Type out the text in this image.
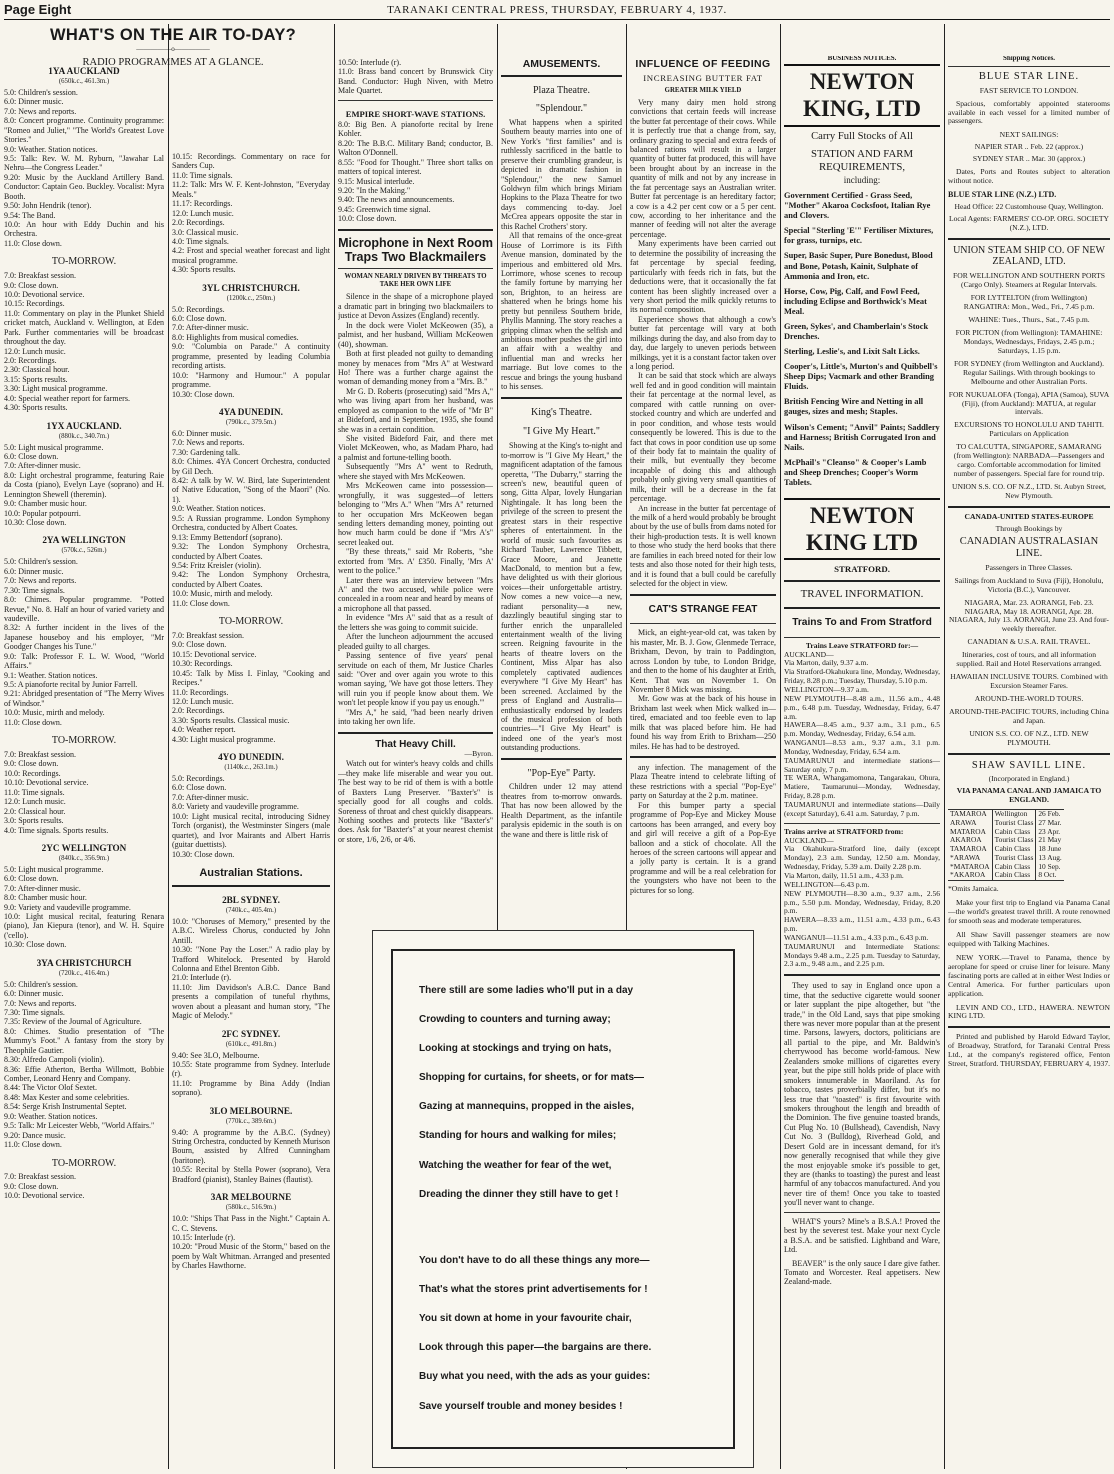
Page Eight	TARANAKI CENTRAL PRESS, THURSDAY, FEBRUARY 4, 1937.
1YA AUCKLAND
(650k.c., 461.3m.)
5.0: Children's session.
6.0: Dinner music.
7.0: News and reports.
8.0: Concert programme. Continuity programme: "Romeo and Juliet," "The World's Greatest Love Stories."
9.0: Weather. Station notices.
9.5: Talk: Rev. W. M. Ryburn, "Jawahar Lal Nehru—the Congress Leader."
9.20: Music by the Auckland Artillery Band. Conductor: Captain Geo. Buckley. Vocalist: Myra Booth.
9.50: John Hendrik (tenor).
9.54: The Band.
10.0: An hour with Eddy Duchin and his Orchestra.
11.0: Close down.
TO-MORROW.
7.0: Breakfast session.
9.0: Close down.
10.0: Devotional service.
10.15: Recordings.
11.0: Commentary on play in the Plunket Shield cricket match, Auckland v. Wellington, at Eden Park. Further commentaries will be broadcast throughout the day.
12.0: Lunch music.
2.0: Recordings.
2.30: Classical hour.
3.15: Sports results.
3.30: Light musical programme.
4.0: Special weather report for farmers.
4.30: Sports results.
1YX AUCKLAND.
(880k.c., 340.7m.)
5.0: Light musical programme.
6.0: Close down.
7.0: After-dinner music.
8.0: Light orchestral programme, featuring Raie da Costa (piano), Evelyn Laye (soprano) and H. Lennington Shewell (theremin).
9.0: Chamber music hour.
10.0: Popular potpourri.
10.30: Close down.
2YA WELLINGTON
(570k.c., 526m.)
5.0: Children's session.
6.0: Dinner music.
7.0: News and reports.
7.30: Time signals.
8.0: Chimes. Popular programme. "Potted Revue," No. 8. Half an hour of varied variety and vaudeville.
8.32: A further incident in the lives of the Japanese houseboy and his employer, "Mr Goodger Changes his Tune."
9.0: Talk: Professor F. L. W. Wood, "World Affairs."
9.1: Weather. Station notices.
9.5: A pianoforte recital by Junior Farrell.
9.21: Abridged presentation of "The Merry Wives of Windsor."
10.0: Music, mirth and melody.
11.0: Close down.
TO-MORROW.
7.0: Breakfast session.
9.0: Close down.
10.0: Recordings.
10.10: Devotional service.
11.0: Time signals.
12.0: Lunch music.
2.0: Classical hour.
3.0: Sports results.
4.0: Time signals. Sports results.
2YC WELLINGTON
(840k.c., 356.9m.)
5.0: Light musical programme.
6.0: Close down.
7.0: After-dinner music.
8.0: Chamber music hour.
9.0: Variety and vaudeville programme.
10.0: Light musical recital, featuring Renara (piano), Jan Kiepura (tenor), and W. H. Squire ('cello).
10.30: Close down.
3YA CHRISTCHURCH
(720k.c., 416.4m.)
5.0: Children's session.
6.0: Dinner music.
7.0: News and reports.
7.30: Time signals.
7.35: Review of the Journal of Agriculture.
8.0: Chimes. Studio presentation of "The Mummy's Foot." A fantasy from the story by Theophile Gautier.
8.30: Alfredo Campoli (violin).
8.36: Effie Atherton, Bertha Willmott, Bobbie Comber, Leonard Henry and Company.
8.44: The Victor Olof Sextet.
8.48: Max Kester and some celebrities.
8.54: Serge Krish Instrumental Septet.
9.0: Weather. Station notices.
9.5: Talk: Mr Leicester Webb, "World Affairs."
9.20: Dance music.
11.0: Close down.
TO-MORROW.
7.0: Breakfast session.
9.0: Close down.
10.0: Devotional service.
WHAT'S ON THE AIR TO-DAY?
—————o—————
RADIO PROGRAMMES AT A GLANCE.
10.15: Recordings. Commentary on race for Sanders Cup.
11.0: Time signals.
11.2: Talk: Mrs W. F. Kent-Johnston, "Everyday Meals."
11.17: Recordings.
12.0: Lunch music.
2.0: Recordings.
3.0: Classical music.
4.0: Time signals.
4.2: Frost and special weather forecast and light musical programme.
4.30: Sports results.
3YL CHRISTCHURCH.
(1200k.c., 250m.)
5.0: Recordings.
6.0: Close down.
7.0: After-dinner music.
8.0: Highlights from musical comedies.
9.0: "Columbia on Parade." A continuity programme, presented by leading Columbia recording artists.
10.0: "Harmony and Humour." A popular programme.
10.30: Close down.
4YA DUNEDIN.
(790k.c., 379.5m.)
6.0: Dinner music.
7.0: News and reports.
7.30: Gardening talk.
8.0: Chimes. 4YA Concert Orchestra, conducted by Gil Dech.
8.42: A talk by W. W. Bird, late Superintendent of Native Education, "Song of the Maori" (No. 1).
9.0: Weather. Station notices.
9.5: A Russian programme. London Symphony Orchestra, conducted by Albert Coates.
9.13: Emmy Bettendorf (soprano).
9.32: The London Symphony Orchestra, conducted by Albert Coates.
9.54: Fritz Kreisler (violin).
9.42: The London Symphony Orchestra, conducted by Albert Coates.
10.0: Music, mirth and melody.
11.0: Close down.
TO-MORROW.
7.0: Breakfast session.
9.0: Close down.
10.15: Devotional service.
10.30: Recordings.
10.45: Talk by Miss I. Finlay, "Cooking and Recipes."
11.0: Recordings.
12.0: Lunch music.
2.0: Recordings.
3.30: Sports results. Classical music.
4.0: Weather report.
4.30: Light musical programme.
4YO DUNEDIN.
(1140k.c., 263.1m.)
5.0: Recordings.
6.0: Close down.
7.0: After-dinner music.
8.0: Variety and vaudeville programme.
10.0: Light musical recital, introducing Sidney Torch (organist), the Westminster Singers (male quartet), and Ivor Mairants and Albert Harris (guitar duettists).
10.30: Close down.
Australian Stations.
2BL SYDNEY.
(740k.c., 405.4m.)
10.0: "Choruses of Memory," presented by the A.B.C. Wireless Chorus, conducted by John Antill.
10.30: "None Pay the Loser." A radio play by Trafford Whitelock. Presented by Harold Colonna and Ethel Brenton Gibb.
21.0: Interlude (r).
11.10: Jim Davidson's A.B.C. Dance Band presents a compilation of tuneful rhythms, woven about a pleasant and human story, "The Magic of Melody."
2FC SYDNEY.
(610k.c., 491.8m.)
9.40: See 3LO, Melbourne.
10.55: State programme from Sydney. Interlude (r).
11.10: Programme by Bina Addy (Indian soprano).
3LO MELBOURNE.
(770k.c., 389.6m.)
9.40: A programme by the A.B.C. (Sydney) String Orchestra, conducted by Kenneth Murison Bourn, assisted by Alfred Cunningham (baritone).
10.55: Recital by Stella Power (soprano), Vera Bradford (pianist), Stanley Baines (flautist).
3AR MELBOURNE
(580k.c., 516.9m.)
10.0: "Ships That Pass in the Night." Captain A. C. C. Stevens.
10.15: Interlude (r).
10.20: "Proud Music of the Storm," based on the poem by Walt Whitman. Arranged and presented by Charles Hawthorne.
10.50: Interlude (r).
11.0: Brass band concert by Brunswick City Band. Conductor: Hugh Niven, with Metro Male Quartet.
EMPIRE SHORT-WAVE STATIONS.
8.0: Big Ben. A pianoforte recital by Irene Kohler.
8.20: The B.B.C. Military Band; conductor, B. Walton O'Donnell.
8.55: "Food for Thought." Three short talks on matters of topical interest.
9.15: Musical interlude.
9.20: "In the Making."
9.40: The news and announcements.
9.45: Greenwich time signal.
10.0: Close down.
Microphone in Next Room Traps Two Blackmailers
WOMAN NEARLY DRIVEN BY THREATS TO TAKE HER OWN LIFE
Silence in the shape of a microphone played a dramatic part in bringing two blackmailers to justice at Devon Assizes (England) recently.
In the dock were Violet McKeowen (35), a palmist, and her husband, William McKeowen (40), showman.
Both at first pleaded not guilty to demanding money by menaces from "Mrs A" at Westward Ho! There was a further charge against the woman of demanding money from a "Mrs. B."
Mr G. D. Roberts (prosecuting) said "Mrs A," who was living apart from her husband, was employed as companion to the wife of "Mr B" at Bideford, and in September, 1935, she found she was in a certain condition.
She visited Bideford Fair, and there met Violet McKeowen, who, as Madam Pharo, had a palmist and fortune-telling booth.
Subsequently "Mrs A" went to Redruth, where she stayed with Mrs McKeowen.
Mrs McKeowen came into possession—wrongfully, it was suggested—of letters belonging to "Mrs A." When "Mrs A" returned to her occupation Mrs McKeowen began sending letters demanding money, pointing out how much harm could be done if "Mrs A's" secret leaked out.
"By these threats," said Mr Roberts, "she extorted from 'Mrs. A' £350. Finally, 'Mrs A' went to the police."
Later there was an interview between "Mrs A" and the two accused, while police were concealed in a room near and heard by means of a microphone all that passed.
In evidence "Mrs A" said that as a result of the letters she was going to commit suicide.
After the luncheon adjournment the accused pleaded guilty to all charges.
Passing sentence of five years' penal servitude on each of them, Mr Justice Charles said: "Over and over again you wrote to this woman saying, 'We have got those letters. They will ruin you if people know about them. We won't let people know if you pay us enough.'"
"Mrs A," he said, "had been nearly driven into taking her own life.
That Heavy Chill.
—Byron.
Watch out for winter's heavy colds and chills—they make life miserable and wear you out. The best way to be rid of them is with a bottle of Baxters Lung Preserver. "Baxter's" is specially good for all coughs and colds. Soreness of throat and chest quickly disappears. Nothing soothes and protects like "Baxter's" does. Ask for "Baxter's" at your nearest chemist or store, 1/6, 2/6, or 4/6.
AMUSEMENTS.
Plaza Theatre.
"Splendour."
What happens when a spirited Southern beauty marries into one of New York's "first families" and is ruthlessly sacrificed in the battle to preserve their crumbling grandeur, is depicted in dramatic fashion in "Splendour," the new Samuel Goldwyn film which brings Miriam Hopkins to the Plaza Theatre for two days commencing to-day. Joel McCrea appears opposite the star in this Rachel Crothers' story.
All that remains of the once-great House of Lorrimore is its Fifth Avenue mansion, dominated by the imperious and embittered old Mrs. Lorrimore, whose scenes to recoup the family fortune by marrying her son, Brighton, to an heiress are shattered when he brings home his pretty but penniless Southern bride, Phyllis Manning. The story reaches a gripping climax when the selfish and ambitious mother pushes the girl into an affair with a wealthy and influential man and wrecks her marriage. But love comes to the rescue and brings the young husband to his senses.
King's Theatre.
"I Give My Heart."
Showing at the King's to-night and to-morrow is "I Give My Heart," the magnificent adaptation of the famous operetta, "The Dubarry," starring the screen's new, beautiful queen of song, Gitta Alpar, lovely Hungarian Nightingale. It has long been the privilege of the screen to present the greatest stars in their respective spheres of entertainment. In the world of music such favourites as Richard Tauber, Lawrence Tibbett, Grace Moore, and Jeanette MacDonald, to mention but a few, have delighted us with their glorious voices—their unforgettable artistry. Now comes a new voice—a new, radiant personality—a new, dazzlingly beautiful singing star to further enrich the unparalleled entertainment wealth of the living screen. Reigning favourite in the hearts of theatre lovers on the Continent, Miss Alpar has also completely captivated audiences everywhere "I Give My Heart" has been screened. Acclaimed by the press of England and Australia—enthusiastically endorsed by leaders of the musical profession of both countries—"I Give My Heart" is indeed one of the year's most outstanding productions.
"Pop-Eye" Party.
Children under 12 may attend theatres from to-morrow onwards. That has now been allowed by the Health Department, as the infantile paralysis epidemic in the south is on the wane and there is little risk of
INFLUENCE OF FEEDING
INCREASING BUTTER FAT
GREATER MILK YIELD
Very many dairy men hold strong convictions that certain feeds will increase the butter fat percentage of their cows. While it is perfectly true that a change from, say, ordinary grazing to special and extra feeds of balanced rations will result in a larger quantity of butter fat produced, this will have been brought about by an increase in the quantity of milk and not by any increase in the fat percentage says an Australian writer. Butter fat percentage is an hereditary factor; a cow is a 4.2 per cent cow or a 5 per cent. cow, according to her inheritance and the manner of feeding will not alter the average percentage.
Many experiments have been carried out to determine the possibility of increasing the fat percentage by special feeding, particularly with feeds rich in fats, but the deductions were, that it occasionally the fat content has been slightly increased over a very short period the milk quickly returns to its normal composition.
Experience shows that although a cow's butter fat percentage will vary at both milkings during the day, and also from day to day, due largely to uneven periods between milkings, yet it is a constant factor taken over a long period.
It can be said that stock which are always well fed and in good condition will maintain their fat percentage at the normal level, as compared with cattle running on over-stocked country and which are underfed and in poor condition, and whose tests would consequently be lowered. This is due to the fact that cows in poor condition use up some of their body fat to maintain the quality of their milk, but eventually they become incapable of doing this and although probably only giving very small quantities of milk, their will be a decrease in the fat percentage.
An increase in the butter fat percentage of the milk of a herd would probably be brought about by the use of bulls from dams noted for their high-production tests. It is well known to those who study the herd books that there are families in each breed noted for their low tests and also those noted for their high tests, and it is found that a bull could be carefully selected for the object in view.
CAT'S STRANGE FEAT
Mick, an eight-year-old cat, was taken by his master, Mr. B. J. Gow, Glenmede Terrace, Brixham, Devon, by train to Paddington, across London by tube, to London Bridge, and then to the home of his daughter at Erith, Kent. That was on November 1. On November 8 Mick was missing.
Mr. Gow was at the back of his house in Brixham last week when Mick walked in—tired, emaciated and too feeble even to lap milk that was placed before him. He had found his way from Erith to Brixham—250 miles. He has had to be destroyed.
any infection. The management of the Plaza Theatre intend to celebrate lifting of these restrictions with a special "Pop-Eye" party on Saturday at the 2 p.m. matinee.
For this bumper party a special programme of Pop-Eye and Mickey Mouse cartoons has been arranged, and every boy and girl will receive a gift of a Pop-Eye balloon and a stick of chocolate. All the heroes of the screen cartoons will appear and a jolly party is certain. It is a grand programme and will be a real celebration for the youngsters who have not been to the pictures for so long.
There still are some ladies who'll put in a day
Crowding to counters and turning away;
Looking at stockings and trying on hats,
Shopping for curtains, for sheets, or for mats—
Gazing at mannequins, propped in the aisles,
Standing for hours and walking for miles;
Watching the weather for fear of the wet,
Dreading the dinner they still have to get !
You don't have to do all these things any more—
That's what the stores print advertisements for !
You sit down at home in your favourite chair,
Look through this paper—the bargains are there.
Buy what you need, with the ads as your guides:
Save yourself trouble and money besides !
BUSINESS NOTICES.
NEWTON KING, LTD
Carry Full Stocks of All
STATION AND FARM REQUIREMENTS,
including:
Government Certified - Grass Seed, "Mother" Akaroa Cocksfoot, Italian Rye and Clovers.
Special "Sterling 'E'" Fertiliser Mixtures, for grass, turnips, etc.
Super, Basic Super, Pure Bonedust, Blood and Bone, Potash, Kainit, Sulphate of Ammonia and Iron, etc.
Horse, Cow, Pig, Calf, and Fowl Feed, including Eclipse and Borthwick's Meat Meal.
Green, Sykes', and Chamberlain's Stock Drenches.
Sterling, Leslie's, and Lixit Salt Licks.
Cooper's, Little's, Murton's and Quibbell's Sheep Dips; Vacmark and other Branding Fluids.
British Fencing Wire and Netting in all gauges, sizes and mesh; Staples.
Wilson's Cement; "Anvil" Paints; Saddlery and Harness; British Corrugated Iron and Nails.
McPhail's "Cleanso" & Cooper's Lamb and Sheep Drenches; Cooper's Worm Tablets.
NEWTON KING LTD
STRATFORD.
TRAVEL INFORMATION.
Trains To and From Stratford
Trains Leave STRATFORD for:—
AUCKLAND—
Via Marton, daily, 9.37 a.m.
Via Stratford-Okahukura line, Monday, Wednesday, Friday, 8.28 p.m.; Tuesday, Thursday, 5.10 p.m.
WELLINGTON—9.37 a.m.
NEW PLYMOUTH—8.48 a.m., 11.56 a.m., 4.48 p.m., 6.48 p.m. Tuesday, Wednesday, Friday, 6.47 a.m.
HAWERA—8.45 a.m., 9.37 a.m., 3.1 p.m., 6.5 p.m. Monday, Wednesday, Friday, 6.54 a.m.
WANGANUI—8.53 a.m., 9.37 a.m., 3.1 p.m. Monday, Wednesday, Friday, 6.54 a.m.
TAUMARUNUI and intermediate stations—Saturday only, 7 p.m.
TE WERA, Whangamomona, Tangarakau, Ohura, Matiere, Taumarunui—Monday, Wednesday, Friday, 8.28 p.m.
TAUMARUNUI and intermediate stations—Daily (except Saturday), 6.41 a.m. Saturday, 7 p.m.
Trains arrive at STRATFORD from:
AUCKLAND—
Via Okahukura-Stratford line, daily (except Monday), 2.3 a.m. Sunday, 12.50 a.m. Monday, Wednesday, Friday, 5.39 a.m. Daily 2.28 p.m.
Via Marton, daily, 11.51 a.m., 4.33 p.m.
WELLINGTON—6.43 p.m.
NEW PLYMOUTH—8.30 a.m., 9.37 a.m., 2.56 p.m., 5.50 p.m. Monday, Wednesday, Friday, 8.20 p.m.
HAWERA—8.33 a.m., 11.51 a.m., 4.33 p.m., 6.43 p.m.
WANGANUI—11.51 a.m., 4.33 p.m., 6.43 p.m.
TAUMARUNUI and Intermediate Stations: Mondays 9.48 a.m., 2.25 p.m. Tuesday to Saturday, 2.3 a.m., 9.48 a.m., and 2.25 p.m.
They used to say in England once upon a time, that the seductive cigarette would sooner or later supplant the pipe altogether, but "the trade," in the Old Land, says that pipe smoking there was never more popular than at the present time. Parsons, lawyers, doctors, politicians are all partial to the pipe, and Mr. Baldwin's cherrywood has become world-famous. New Zealanders smoke millions of cigarettes every year, but the pipe still holds pride of place with smokers innumerable in Maoriland. As for tobacco, tastes proverbially differ, but it's no less true that "toasted" is first favourite with smokers throughout the length and breadth of the Dominion. The five genuine toasted brands, Cut Plug No. 10 (Bullshead), Cavendish, Navy Cut No. 3 (Bulldog), Riverhead Gold, and Desert Gold are in incessant demand, for it's now generally recognised that while they give the most enjoyable smoke it's possible to get, they are (thanks to toasting) the purest and least harmful of any tobaccos manufactured. And you never tire of them! Once you take to toasted you'll never want to change.
WHAT'S yours? Mine's a B.S.A.! Proved the best by the severest test. Make your next Cycle a B.S.A. and be satisfied. Lightband and Ware, Ltd.
BEAVER" is the only sauce I dare give father. Tomato and Worcester. Real appetisers. New Zealand-made.
Shipping Notices.
BLUE STAR LINE.
FAST SERVICE TO LONDON.
Spacious, comfortably appointed staterooms available in each vessel for a limited number of passengers.
NEXT SAILINGS:
NAPIER STAR .. Feb. 22 (approx.)
SYDNEY STAR .. Mar. 30 (approx.)
Dates, Ports and Routes subject to alteration without notice.
BLUE STAR LINE (N.Z.) LTD.
Head Office: 22 Customhouse Quay, Wellington.
Local Agents: FARMERS' CO-OP. ORG. SOCIETY (N.Z.), LTD.
UNION STEAM SHIP CO. OF NEW ZEALAND, LTD.
FOR WELLINGTON AND SOUTHERN PORTS (Cargo Only). Steamers at Regular Intervals.
FOR LYTTELTON (from Wellington) RANGATIRA: Mon., Wed., Fri., 7.45 p.m.
WAHINE: Tues., Thurs., Sat., 7.45 p.m.
FOR PICTON (from Wellington): TAMAHINE: Mondays, Wednesdays, Fridays, 2.45 p.m.; Saturdays, 1.15 p.m.
FOR SYDNEY (from Wellington and Auckland). Regular Sailings. With through bookings to Melbourne and other Australian Ports.
FOR NUKUALOFA (Tonga), APIA (Samoa), SUVA (Fiji), (from Auckland): MATUA, at regular intervals.
EXCURSIONS TO HONOLULU AND TAHITI. Particulars on Application
TO CALCUTTA, SINGAPORE, SAMARANG (from Wellington): NARBADA—Passengers and cargo. Comfortable accommodation for limited number of passengers. Special fare for round trip.
UNION S.S. CO. OF N.Z., LTD. St. Aubyn Street, New Plymouth.
CANADA-UNITED STATES-EUROPE
Through Bookings by
CANADIAN AUSTRALASIAN LINE.
Passengers in Three Classes.
Sailings from Auckland to Suva (Fiji), Honolulu, Victoria (B.C.), Vancouver.
NIAGARA, Mar. 23. AORANGI, Feb. 23. NIAGARA, May 18. AORANGI, Apr. 28. NIAGARA, July 13. AORANGI, June 23. And four-weekly thereafter.
CANADIAN & U.S.A. RAIL TRAVEL.
Itineraries, cost of tours, and all information supplied. Rail and Hotel Reservations arranged.
HAWAIIAN INCLUSIVE TOURS. Combined with Excursion Steamer Fares.
AROUND-THE-WORLD TOURS.
AROUND-THE-PACIFIC TOURS, including China and Japan.
UNION S.S. CO. OF N.Z., LTD. NEW PLYMOUTH.
SHAW SAVILL LINE.
(Incorporated in England.)
VIA PANAMA CANAL AND JAMAICA TO ENGLAND.
TAMAROA	Wellington	26 Feb.
ARAWA	Tourist Class	27 Mar.
MATAROA	Cabin Class	23 Apr.
AKAROA	Tourist Class	21 May
TAMAROA	Cabin Class	18 June
*ARAWA	Tourist Class	13 Aug.
*MATAROA	Cabin Class	10 Sep.
*AKAROA	Cabin Class	8 Oct.
*Omits Jamaica.
Make your first trip to England via Panama Canal—the world's greatest travel thrill. A route renowned for smooth seas and moderate temperatures.
All Shaw Savill passenger steamers are now equipped with Talking Machines.
NEW YORK.—Travel to Panama, thence by aeroplane for speed or cruise liner for leisure. Many fascinating ports are called at in either West Indies or Central America. For further particulars upon application.
LEVIN AND CO., LTD., HAWERA. NEWTON KING LTD.
Printed and published by Harold Edward Taylor, of Broadway, Stratford, for Taranaki Central Press Ltd., at the company's registered office, Fenton Street, Stratford. THURSDAY, FEBRUARY 4, 1937.
